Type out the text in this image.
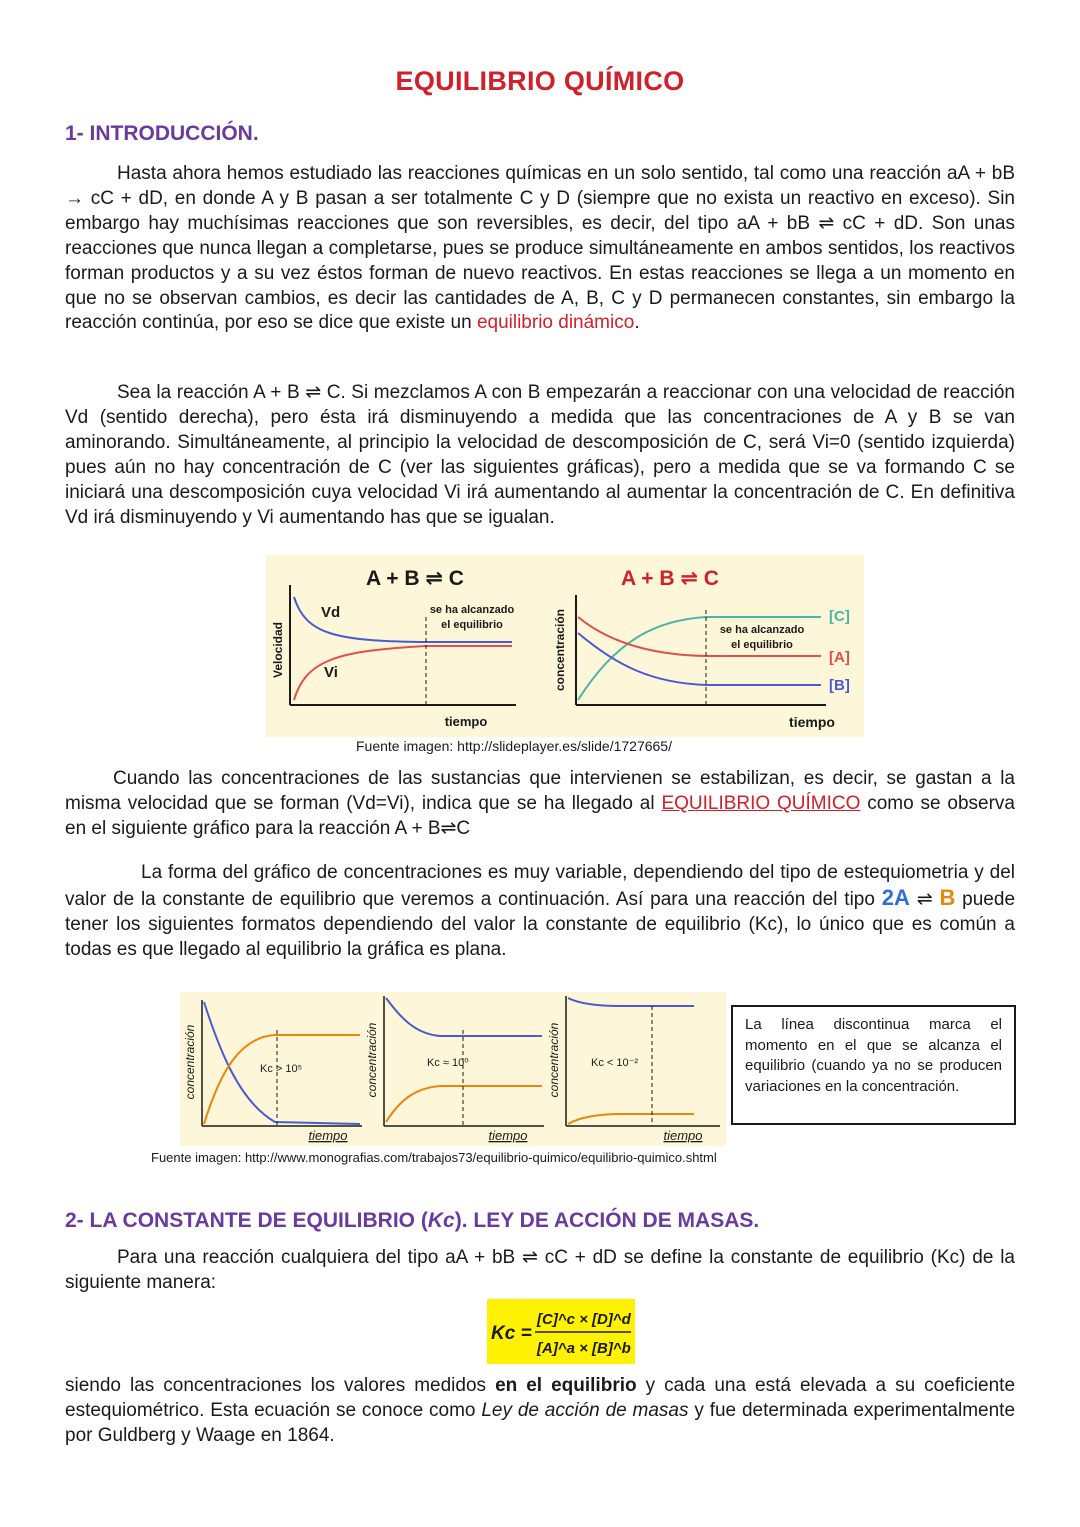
EQUILIBRIO QUÍMICO
1- INTRODUCCIÓN.
Hasta ahora hemos estudiado las reacciones químicas en un solo sentido, tal como una reacción aA + bB → cC + dD, en donde A y B pasan a ser totalmente C y D (siempre que no exista un reactivo en exceso). Sin embargo hay muchísimas reacciones que son reversibles, es decir, del tipo aA + bB ⇌ cC + dD. Son unas reacciones que nunca llegan a completarse, pues se produce simultáneamente en ambos sentidos, los reactivos forman productos y a su vez éstos forman de nuevo reactivos. En estas reacciones se llega a un momento en que no se observan cambios, es decir las cantidades de A, B, C y D permanecen constantes, sin embargo la reacción continúa, por eso se dice que existe un equilibrio dinámico.
Sea la reacción A + B ⇌ C. Si mezclamos A con B empezarán a reaccionar con una velocidad de reacción Vd (sentido derecha), pero ésta irá disminuyendo a medida que las concentraciones de A y B se van aminorando. Simultáneamente, al principio la velocidad de descomposición de C, será Vi=0 (sentido izquierda) pues aún no hay concentración de C (ver las siguientes gráficas), pero a medida que se va formando C se iniciará una descomposición cuya velocidad Vi irá aumentando al aumentar la concentración de C. En definitiva Vd irá disminuyendo y Vi aumentando has que se igualan.
A + B ⇌ C
Velocidad
Vd
Vi
se ha alcanzado
el equilibrio
tiempo
A + B ⇌ C
concentración	se ha alcanzado
el equilibrio
[C]
[A]
[B]
tiempo
Fuente imagen: http://slideplayer.es/slide/1727665/
Cuando las concentraciones de las sustancias que intervienen se estabilizan, es decir, se gastan a la misma velocidad que se forman (Vd=Vi), indica que se ha llegado al EQUILIBRIO QUÍMICO como se observa en el siguiente gráfico para la reacción A + B⇌C
La forma del gráfico de concentraciones es muy variable, dependiendo del tipo de estequiometria y del valor de la constante de equilibrio que veremos a continuación. Así para una reacción del tipo 2A ⇌ B puede tener los siguientes formatos dependiendo del valor la constante de equilibrio (Kc), lo único que es común a todas es que llegado al equilibrio la gráfica es plana.
concentración	Kc > 10⁵
tiempo
concentración	Kc ≈ 10⁰
tiempo
concentración	Kc < 10⁻²
tiempo
La línea discontinua marca el momento en el que se alcanza el equilibrio (cuando ya no se producen variaciones en la concentración.
Fuente imagen: http://www.monografias.com/trabajos73/equilibrio-quimico/equilibrio-quimico.shtml
2- LA CONSTANTE DE EQUILIBRIO (Kc). LEY DE ACCIÓN DE MASAS.
Para una reacción cualquiera del tipo aA + bB ⇌ cC + dD se define la constante de equilibrio (Kc) de la siguiente manera:
Kc =
[C]^c × [D]^d
[A]^a × [B]^b
siendo las concentraciones los valores medidos en el equilibrio y cada una está elevada a su coeficiente estequiométrico. Esta ecuación se conoce como Ley de acción de masas y fue determinada experimentalmente por Guldberg y Waage en 1864.
